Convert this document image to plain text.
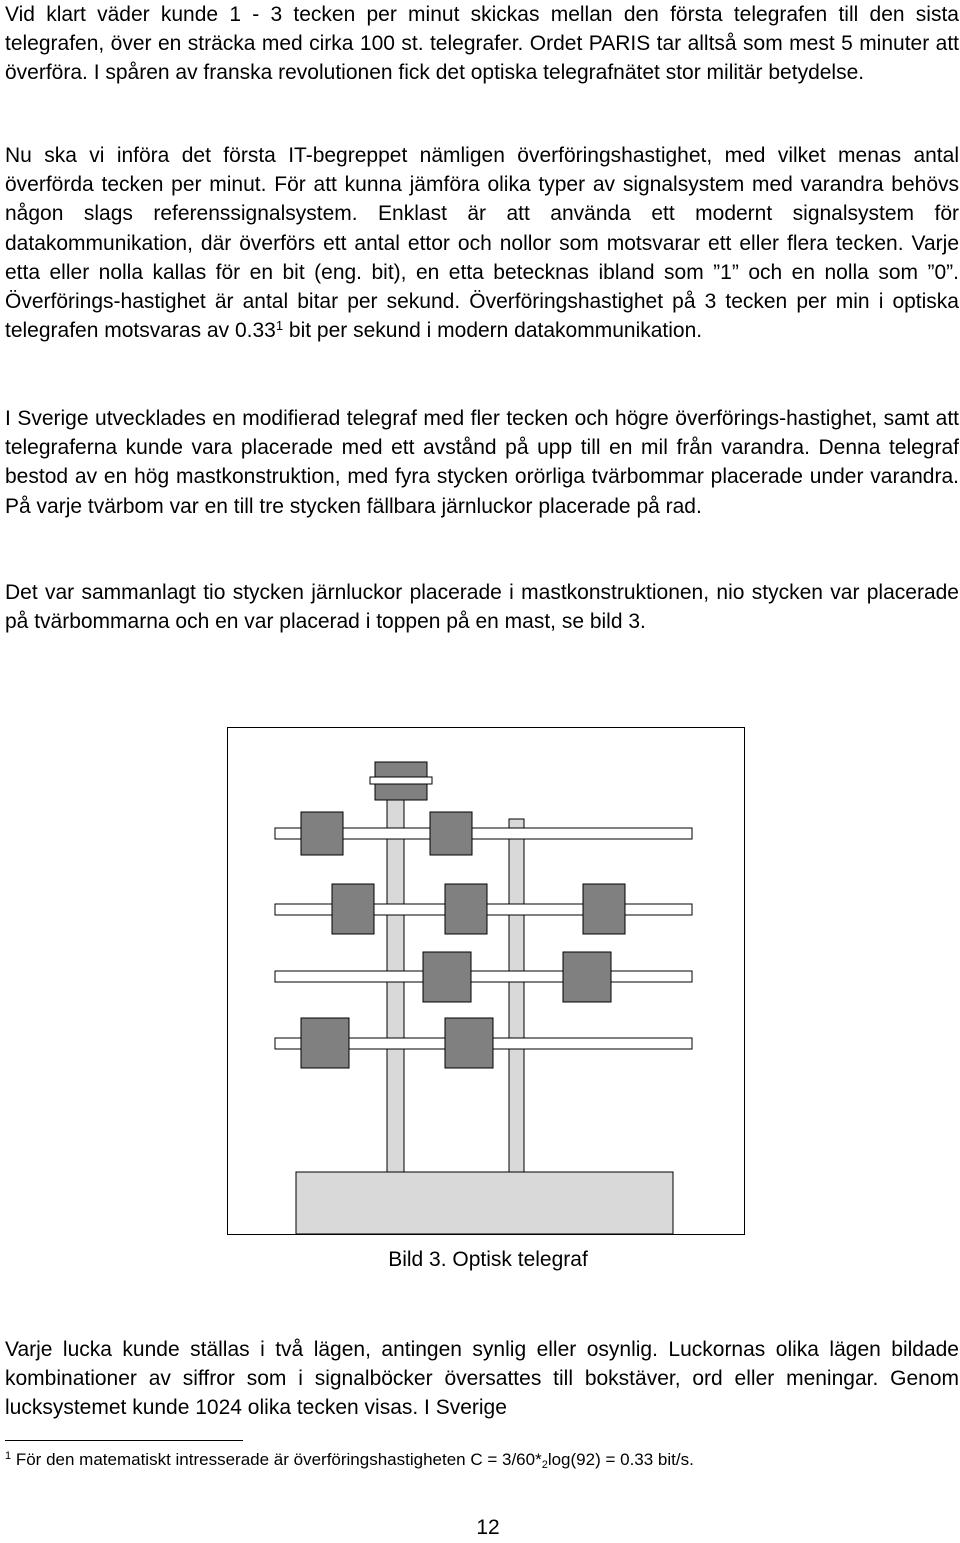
Vid klart väder kunde 1 - 3 tecken per minut skickas mellan den första telegrafen till den sista telegrafen, över en sträcka med cirka 100 st. telegrafer. Ordet PARIS tar alltså som mest 5 minuter att överföra. I spåren av franska revolutionen fick det optiska telegrafnätet stor militär betydelse.

Nu ska vi införa det första IT-begreppet nämligen överföringshastighet, med vilket menas antal överförda tecken per minut. För att kunna jämföra olika typer av signalsystem med varandra behövs någon slags referenssignalsystem. Enklast är att använda ett modernt signalsystem för datakommunikation, där överförs ett antal ettor och nollor som motsvarar ett eller flera tecken. Varje etta eller nolla kallas för en bit (eng. bit), en etta betecknas ibland som ”1” och en nolla som ”0”. Överförings-hastighet är antal bitar per sekund. Överföringshastighet på 3 tecken per min i optiska telegrafen motsvaras av 0.33$^1$ bit per sekund i modern datakommunikation.

I Sverige utvecklades en modifierad telegraf med fler tecken och högre överförings-hastighet, samt att telegraferna kunde vara placerade med ett avstånd på upp till en mil från varandra. Denna telegraf bestod av en hög mastkonstruktion, med fyra stycken orörliga tvärbommar placerade under varandra. På varje tvärbom var en till tre stycken fällbara järnluckor placerade på rad.

Det var sammanlagt tio stycken järnluckor placerade i mastkonstruktionen, nio stycken var placerade på tvärbommarna och en var placerad i toppen på en mast, se bild 3.

Bild 3. Optisk telegraf

Varje lucka kunde ställas i två lägen, antingen synlig eller osynlig. Luckornas olika lägen bildade kombinationer av siffror som i signalböcker översattes till bokstäver, ord eller meningar. Genom lucksystemet kunde 1024 olika tecken visas. I Sverige

$^1$ För den matematiskt intresserade är överföringshastigheten $C = 3/60*_2\log(92) = 0.33$ bit/s.
12
